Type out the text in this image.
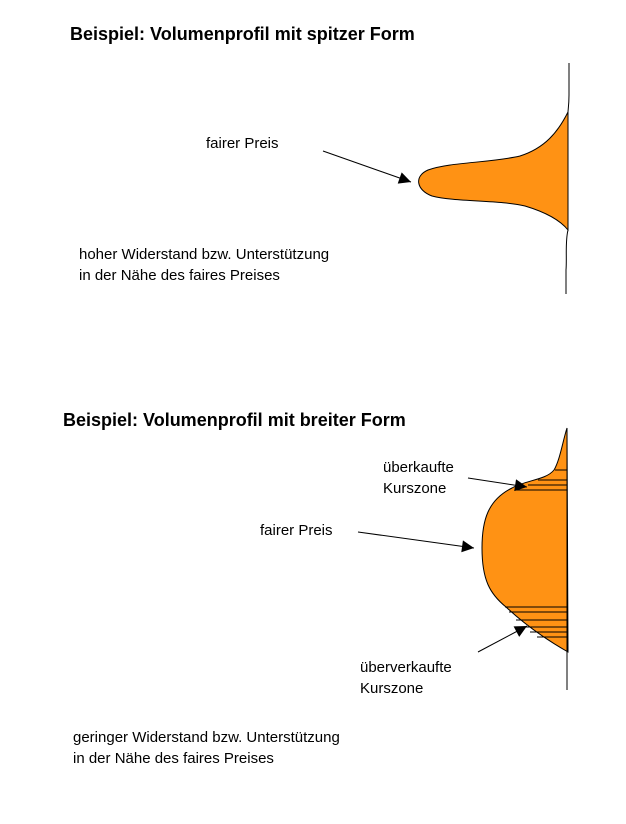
Beispiel: Volumenprofil mit spitzer Form
fairer Preis
hoher Widerstand bzw. Unterstützung
in der Nähe des faires Preises
Beispiel: Volumenprofil mit breiter Form
überkaufte
Kurszone
fairer Preis
überverkaufte
Kurszone
geringer Widerstand bzw. Unterstützung
in der Nähe des faires Preises
